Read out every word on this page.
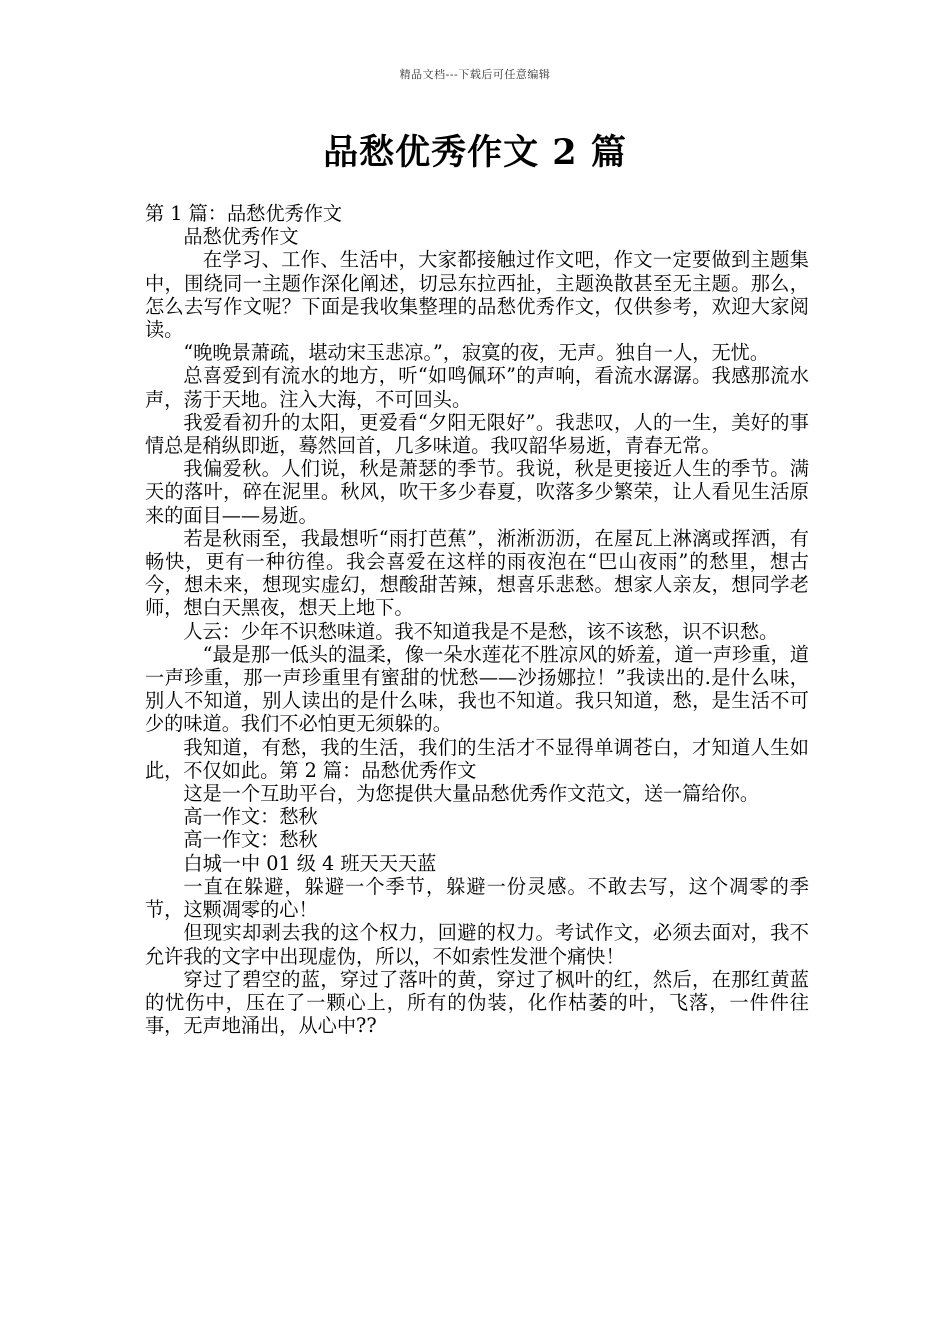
精品文档---下载后可任意编辑
品愁优秀作文 2 篇

第 1 篇：品愁优秀作文

品愁优秀作文

　在学习、工作、生活中，大家都接触过作文吧，作文一定要做到主题集中，围绕同一主题作深化阐述，切忌东拉西扯，主题涣散甚至无主题。那么，怎么去写作文呢？下面是我收集整理的品愁优秀作文，仅供参考，欢迎大家阅读。

“晚晚景萧疏，堪动宋玉悲凉。”，寂寞的夜，无声。独自一人，无忧。

总喜爱到有流水的地方，听“如鸣佩环”的声响，看流水潺潺。我感那流水声，荡于天地。注入大海，不可回头。

我爱看初升的太阳，更爱看“夕阳无限好”。我悲叹，人的一生，美好的事情总是稍纵即逝，蓦然回首，几多味道。我叹韶华易逝，青春无常。

我偏爱秋。人们说，秋是萧瑟的季节。我说，秋是更接近人生的季节。满天的落叶，碎在泥里。秋风，吹干多少春夏，吹落多少繁荣，让人看见生活原来的面目——易逝。

若是秋雨至，我最想听“雨打芭蕉”，淅淅沥沥，在屋瓦上淋漓或挥洒，有畅快，更有一种彷徨。我会喜爱在这样的雨夜泡在“巴山夜雨”的愁里，想古今，想未来，想现实虚幻，想酸甜苦辣，想喜乐悲愁。想家人亲友，想同学老师，想白天黑夜，想天上地下。

人云：少年不识愁味道。我不知道我是不是愁，该不该愁，识不识愁。

　“最是那一低头的温柔，像一朵水莲花不胜凉风的娇羞，道一声珍重，道一声珍重，那一声珍重里有蜜甜的忧愁——沙扬娜拉！”我读出的.是什么味，别人不知道，别人读出的是什么味，我也不知道。我只知道，愁，是生活不可少的味道。我们不必怕更无须躲的。

我知道，有愁，我的生活，我们的生活才不显得单调苍白，才知道人生如此，不仅如此。第 2 篇：品愁优秀作文

这是一个互助平台，为您提供大量品愁优秀作文范文，送一篇给你。

高一作文：愁秋

高一作文：愁秋

白城一中 01 级 4 班天天天蓝

一直在躲避，躲避一个季节，躲避一份灵感。不敢去写，这个凋零的季节，这颗凋零的心！

但现实却剥去我的这个权力，回避的权力。考试作文，必须去面对，我不允许我的文字中出现虚伪，所以，不如索性发泄个痛快！

穿过了碧空的蓝，穿过了落叶的黄，穿过了枫叶的红，然后，在那红黄蓝的忧伤中，压在了一颗心上，所有的伪装，化作枯萎的叶，飞落，一件件往事，无声地涌出，从心中??
